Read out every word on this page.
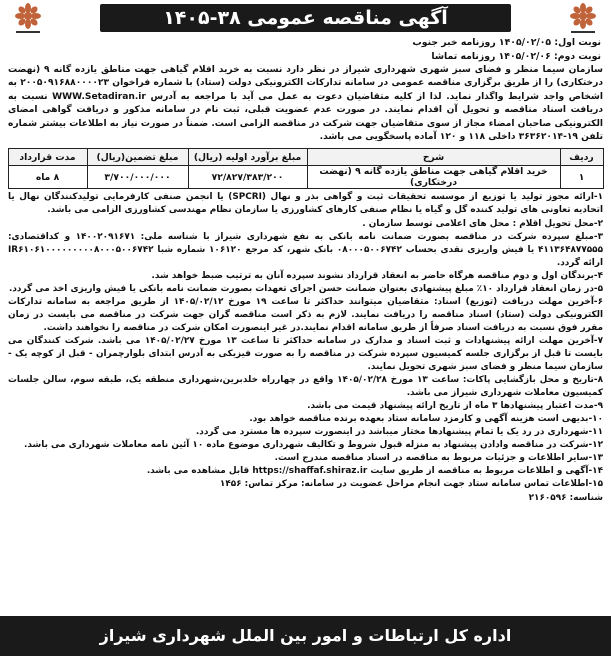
آگهی مناقصه عمومی ۳۸-۱۴۰۵
نوبت اول: ۱۴۰۵/۰۲/۰۵ روزنامه خبر جنوب
نوبت دوم: ۱۴۰۵/۰۲/۰۶ روزنامه تماشا
سازمان سیما منظر و فضای سبز شهری شهرداری شیراز در نظر دارد نسبت به خرید اقلام گیاهی جهت مناطق یازده گانه ۹ (نهضت درختکاری) را از طریق برگزاری مناقصه عمومی در سامانه تدارکات الکترونیکی دولت (ستاد) با شماره فراخوان ۲۰۰۵۰۹۱۶۸۸۰۰۰۰۲۳ به اشخاص واجد شرایط واگذار نماید. لذا از کلیه متقاضیان دعوت به عمل می آید با مراجعه به آدرس WWW.Setadiran.ir نسبت به دریافت اسناد مناقصه و تحویل آن اقدام نمایند. در صورت عدم عضویت قبلی، ثبت نام در سامانه مذکور و دریافت گواهی امضای الکترونیکی صاحبان امضاء مجاز از سوی متقاضیان جهت شرکت در مناقصه الزامی است. ضمناً در صورت نیاز به اطلاعات بیشتر شماره تلفن ۱۹-۳۶۳۶۲۰۱۴ داخلی ۱۱۸ و ۱۲۰ آماده پاسخگویی می باشد.
ردیف	شرح	مبلغ برآورد اولیه (ریال)	مبلغ تضمین(ریال)	مدت قرارداد
۱	خرید اقلام گیاهی جهت مناطق یازده گانه ۹ (نهضت درختکاری)	۷۲/۸۲۷/۳۸۳/۲۰۰	۳/۷۰۰/۰۰۰/۰۰۰	۸ ماه

۱-ارائه مجوز تولید یا توزیع از موسسه تحقیقات ثبت و گواهی بذر و نهال (SPCRI) یا انجمن صنفی کارفرمایی تولیدکنندگان نهال یا اتحادیه تعاونی های تولید کننده گل و گیاه یا نظام صنفی کارهای کشاورزی یا سازمان نظام مهندسی کشاورزی الزامی می باشد.

۲-محل تحویل اقلام : محل های اعلامی توسط سازمان .

۳-مبلغ سپرده شرکت در مناقصه بصورت ضمانت نامه بانکی به نفع شهرداری شیراز با شناسه ملی: ۱۴۰۰۲۰۹۱۶۷۱ و کداقتصادی: ۴۱۱۳۶۴۸۷۷۵۵۵ یا فیش واریزی نقدی بحساب ۰۸۰۰۰۵۰۰۶۷۴۲ بانک شهر، کد مرجع ۱۰۶۱۲۰ شماره شبا IR۶۱۰۶۱۰۰۰۰۰۰۰۰۰۸۰۰۰۵۰۰۶۷۴۲ ارائه گردد.

۴-برندگان اول و دوم مناقصه هرگاه حاضر به انعقاد قرارداد نشوند سپرده آنان به ترتیب ضبط خواهد شد.

۵-در زمان انعقاد قرارداد ۱۰٪ مبلغ پیشنهادی بعنوان ضمانت حسن اجرای تعهدات بصورت ضمانت نامه بانکی یا فیش واریزی اخذ می گردد.

۶-آخرین مهلت دریافت (توزیع) اسناد: متقاضیان میتوانند حداکثر تا ساعت ۱۹ مورخ ۱۴۰۵/۰۲/۱۲ از طریق مراجعه به سامانه تدارکات الکترونیکی دولت (ستاد) اسناد مناقصه را دریافت نمایند. لازم به ذکر است مناقصه گران جهت شرکت در مناقصه می بایست در زمان مقرر فوق نسبت به دریافت اسناد صرفاً از طریق سامانه اقدام نمایند.در غیر اینصورت امکان شرکت در مناقصه را نخواهند داشت.

۷-آخرین مهلت ارائه پیشنهادات و ثبت اسناد و مدارک در سامانه حداکثر تا ساعت ۱۳ مورخ ۱۴۰۵/۰۲/۲۷ می باشد. شرکت کنندگان می بایست تا قبل از برگزاری جلسه کمیسیون سپرده شرکت در مناقصه را به صورت فیزیکی به آدرس ابتدای بلوارچمران - قبل از کوچه یک - سازمان سیما منظر و فضای سبز شهری تحویل نمایند.

۸-تاریخ و محل بازگشایی پاکات: ساعت ۱۳ مورخ ۱۴۰۵/۰۲/۲۸ واقع در چهارراه خلدبرین،شهرداری منطقه یک، طبقه سوم، سالن جلسات کمیسیون معاملات شهرداری شیراز می باشد.

۹-مدت اعتبار پیشنهادها ۳ ماه از تاریخ ارائه پیشنهاد قیمت می باشد.

۱۰-بدیهی است هزینه آگهی و کارمزد سامانه ستاد بعهده برنده مناقصه خواهد بود.

۱۱-شهرداری در رد یک یا تمام پیشنهادها مختار میباشد در اینصورت سپرده ها مسترد می گردد.

۱۲-شرکت در مناقصه وادادن پیشنهاد به منزله قبول شروط و تکالیف شهرداری موضوع ماده ۱۰ آئین نامه معاملات شهرداری می باشد.

۱۳-سایر اطلاعات و جزئیات مربوط به مناقصه در اسناد مناقصه مندرج است.

۱۴-آگهی و اطلاعات مربوط به مناقصه از طریق سایت https://shaffaf.shiraz.ir قابل مشاهده می باشد.

۱۵-اطلاعات تماس سامانه ستاد جهت انجام مراحل عضویت در سامانه: مرکز تماس: ۱۴۵۶

شناسه: ۲۱۶۰۵۹۶

اداره کل ارتباطات و امور بین الملل شهرداری شیراز
